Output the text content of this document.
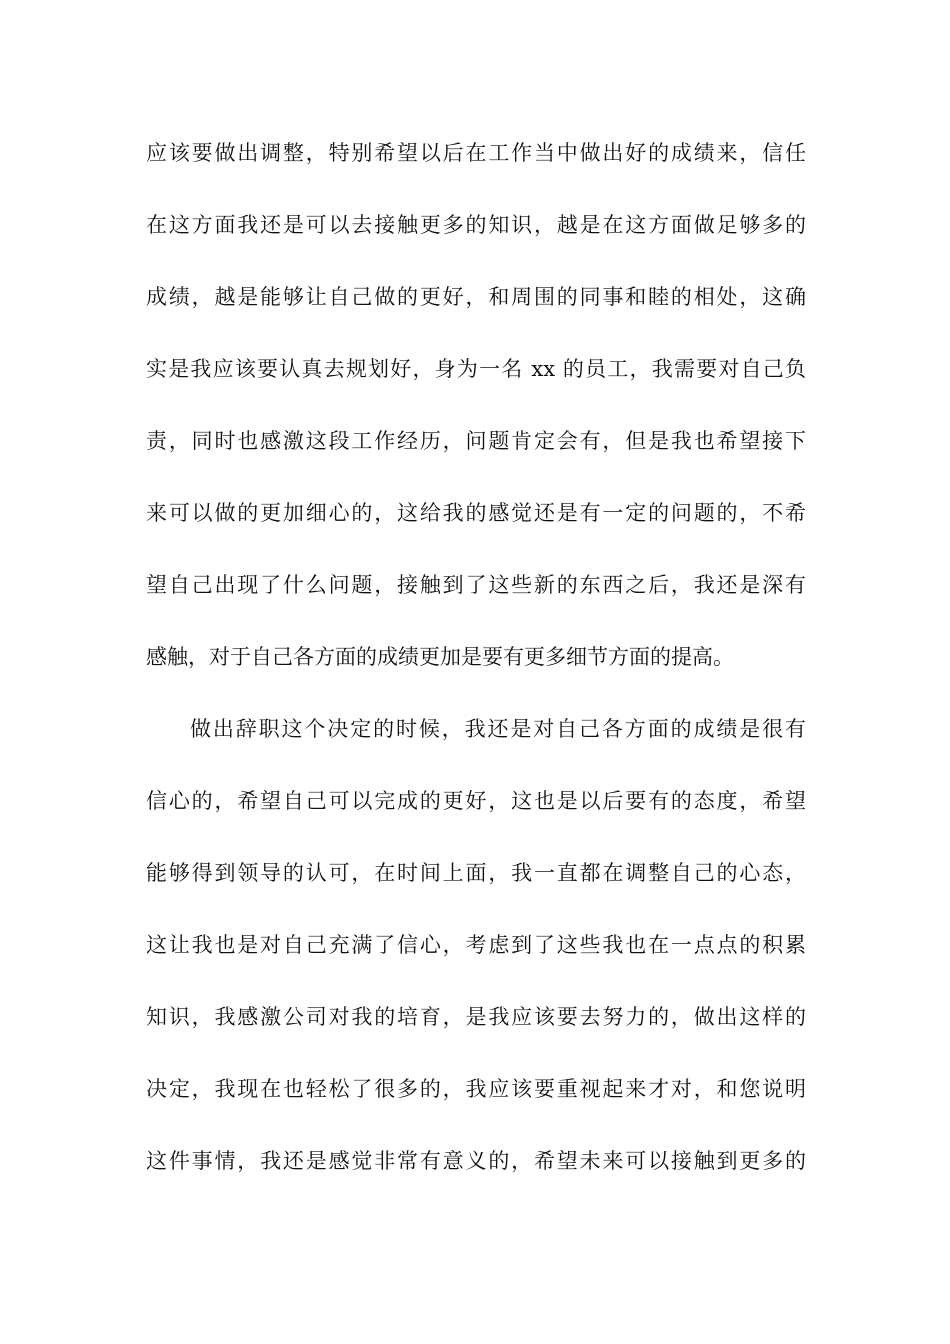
应该要做出调整，特别希望以后在工作当中做出好的成绩来，信任
在这方面我还是可以去接触更多的知识，越是在这方面做足够多的
成绩，越是能够让自己做的更好，和周围的同事和睦的相处，这确
实是我应该要认真去规划好，身为一名 xx 的员工，我需要对自己负
责，同时也感激这段工作经历，问题肯定会有，但是我也希望接下
来可以做的更加细心的，这给我的感觉还是有一定的问题的，不希
望自己出现了什么问题，接触到了这些新的东西之后，我还是深有
感触，对于自己各方面的成绩更加是要有更多细节方面的提高。
做出辞职这个决定的时候，我还是对自己各方面的成绩是很有
信心的，希望自己可以完成的更好，这也是以后要有的态度，希望
能够得到领导的认可，在时间上面，我一直都在调整自己的心态，
这让我也是对自己充满了信心，考虑到了这些我也在一点点的积累
知识，我感激公司对我的培育，是我应该要去努力的，做出这样的
决定，我现在也轻松了很多的，我应该要重视起来才对，和您说明
这件事情，我还是感觉非常有意义的，希望未来可以接触到更多的
